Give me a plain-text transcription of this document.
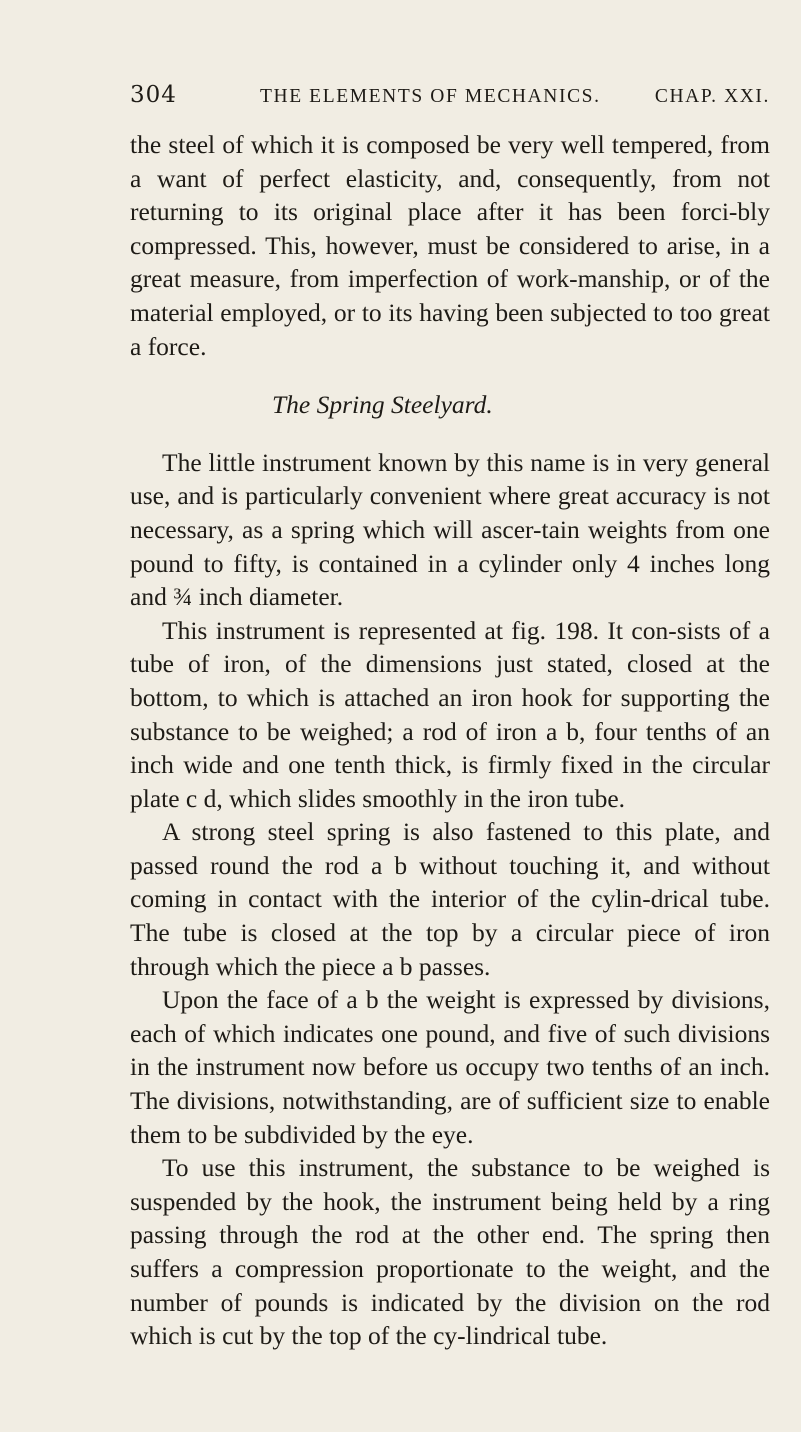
304	THE ELEMENTS OF MECHANICS.	CHAP. XXI.

the steel of which it is composed be very well tempered, from a want of perfect elasticity, and, consequently, from not returning to its original place after it has been forci-bly compressed. This, however, must be considered to arise, in a great measure, from imperfection of work-manship, or of the material employed, or to its having been subjected to too great a force.

The Spring Steelyard.

The little instrument known by this name is in very general use, and is particularly convenient where great accuracy is not necessary, as a spring which will ascer-tain weights from one pound to fifty, is contained in a cylinder only 4 inches long and ¾ inch diameter.

This instrument is represented at fig. 198. It con-sists of a tube of iron, of the dimensions just stated, closed at the bottom, to which is attached an iron hook for supporting the substance to be weighed; a rod of iron a b, four tenths of an inch wide and one tenth thick, is firmly fixed in the circular plate c d, which slides smoothly in the iron tube.

A strong steel spring is also fastened to this plate, and passed round the rod a b without touching it, and without coming in contact with the interior of the cylin-drical tube. The tube is closed at the top by a circular piece of iron through which the piece a b passes.

Upon the face of a b the weight is expressed by divisions, each of which indicates one pound, and five of such divisions in the instrument now before us occupy two tenths of an inch. The divisions, notwithstanding, are of sufficient size to enable them to be subdivided by the eye.

To use this instrument, the substance to be weighed is suspended by the hook, the instrument being held by a ring passing through the rod at the other end. The spring then suffers a compression proportionate to the weight, and the number of pounds is indicated by the division on the rod which is cut by the top of the cy-lindrical tube.
